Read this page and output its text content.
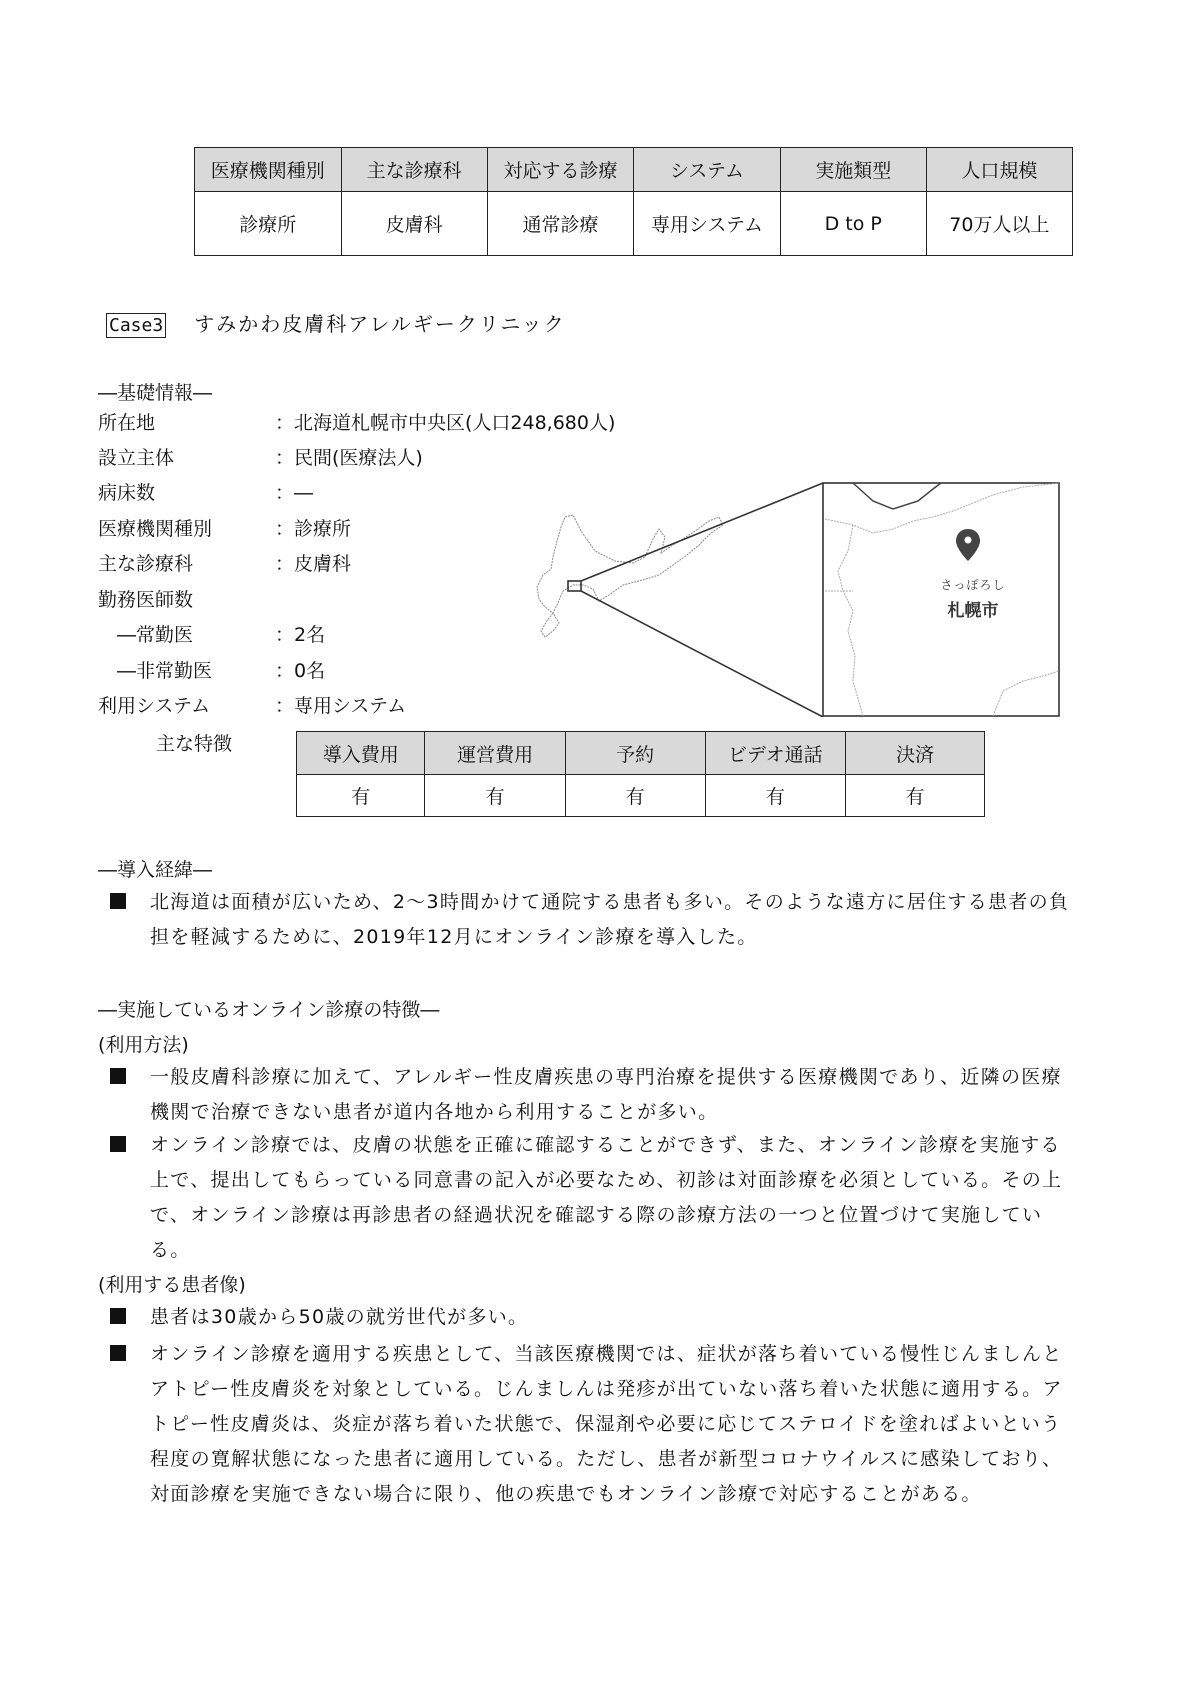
医療機関種別	主な診療科	対応する診療	システム	実施類型	人口規模
診療所	皮膚科	通常診療	専用システム	D to P	70万人以上
Case3 すみかわ皮膚科アレルギークリニック
―基礎情報―
所在地	：北海道札幌市中央区(人口248,680人)
設立主体	：民間(医療法人)
病床数	：―
医療機関種別	：診療所
主な診療科	：皮膚科
勤務医師数
　―常勤医	：2名
　―非常勤医	：0名
利用システム	：専用システム
さっぽろし
札幌市
主な特徴	導入費用	運営費用	予約	ビデオ通話	決済
有	有	有	有	有
―導入経緯―
北海道は面積が広いため、2～3時間かけて通院する患者も多い。そのような遠方に居住する患者の負担を軽減するために、2019年12月にオンライン診療を導入した。
―実施しているオンライン診療の特徴―
(利用方法)
一般皮膚科診療に加えて、アレルギー性皮膚疾患の専門治療を提供する医療機関であり、近隣の医療機関で治療できない患者が道内各地から利用することが多い。
オンライン診療では、皮膚の状態を正確に確認することができず、また、オンライン診療を実施する上で、提出してもらっている同意書の記入が必要なため、初診は対面診療を必須としている。その上で、オンライン診療は再診患者の経過状況を確認する際の診療方法の一つと位置づけて実施している。
(利用する患者像)
患者は30歳から50歳の就労世代が多い。
オンライン診療を適用する疾患として、当該医療機関では、症状が落ち着いている慢性じんましんとアトピー性皮膚炎を対象としている。じんましんは発疹が出ていない落ち着いた状態に適用する。アトピー性皮膚炎は、炎症が落ち着いた状態で、保湿剤や必要に応じてステロイドを塗ればよいという程度の寛解状態になった患者に適用している。ただし、患者が新型コロナウイルスに感染しており、対面診療を実施できない場合に限り、他の疾患でもオンライン診療で対応することがある。
